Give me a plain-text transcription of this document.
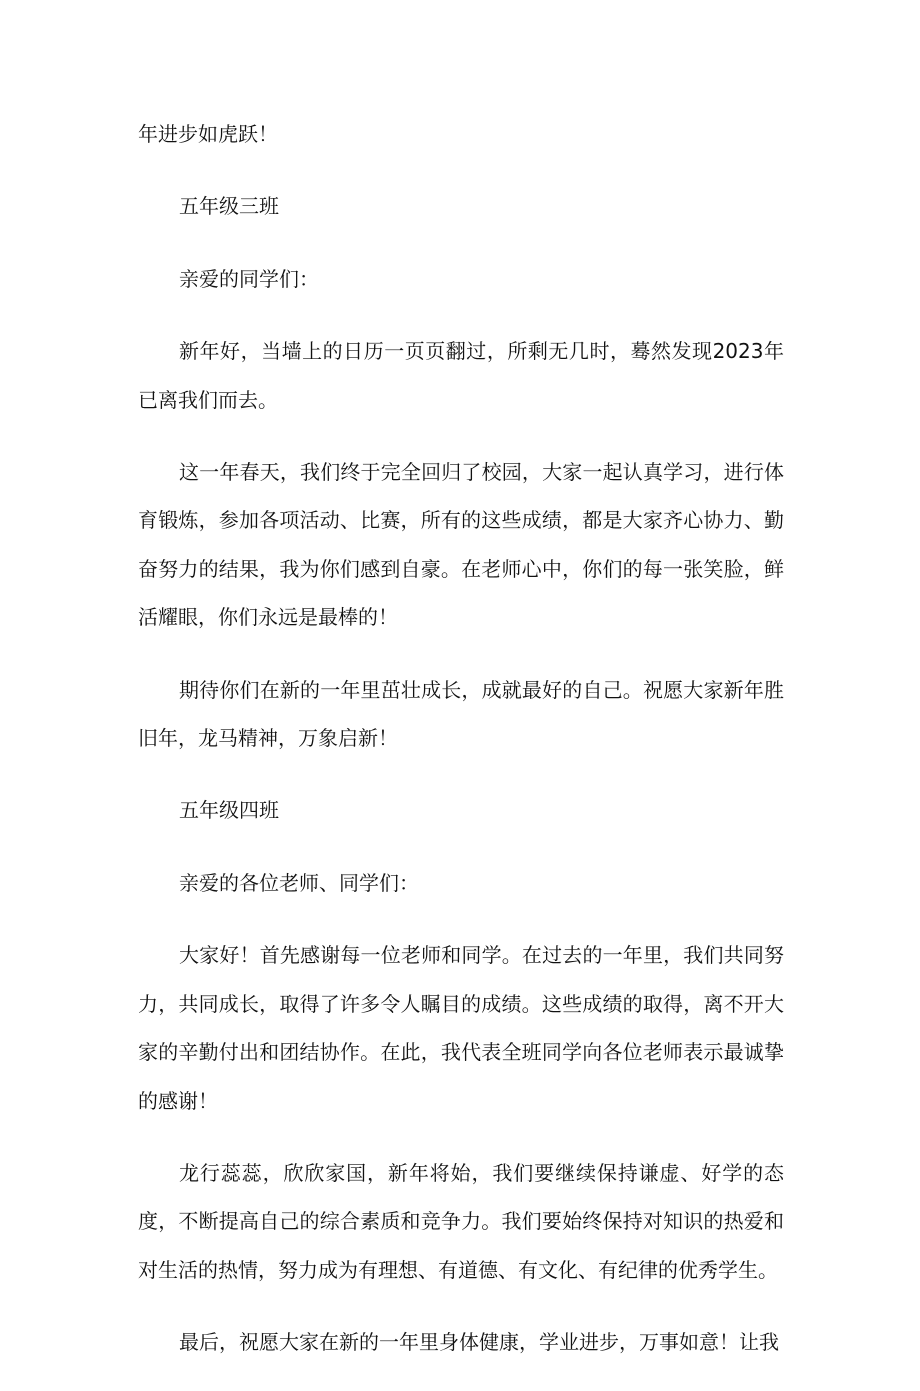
年进步如虎跃！

五年级三班

亲爱的同学们：

新年好，当墙上的日历一页页翻过，所剩无几时，蓦然发现2023年已离我们而去。

这一年春天，我们终于完全回归了校园，大家一起认真学习，进行体育锻炼，参加各项活动、比赛，所有的这些成绩，都是大家齐心协力、勤奋努力的结果，我为你们感到自豪。在老师心中，你们的每一张笑脸，鲜活耀眼，你们永远是最棒的！

期待你们在新的一年里茁壮成长，成就最好的自己。祝愿大家新年胜旧年，龙马精神，万象启新！

五年级四班

亲爱的各位老师、同学们：

大家好！首先感谢每一位老师和同学。在过去的一年里，我们共同努力，共同成长，取得了许多令人瞩目的成绩。这些成绩的取得，离不开大家的辛勤付出和团结协作。在此，我代表全班同学向各位老师表示最诚挚的感谢！

龙行蕊蕊，欣欣家国，新年将始，我们要继续保持谦虚、好学的态度，不断提高自己的综合素质和竞争力。我们要始终保持对知识的热爱和对生活的热情，努力成为有理想、有道德、有文化、有纪律的优秀学生。

最后，祝愿大家在新的一年里身体健康，学业进步，万事如意！让我
